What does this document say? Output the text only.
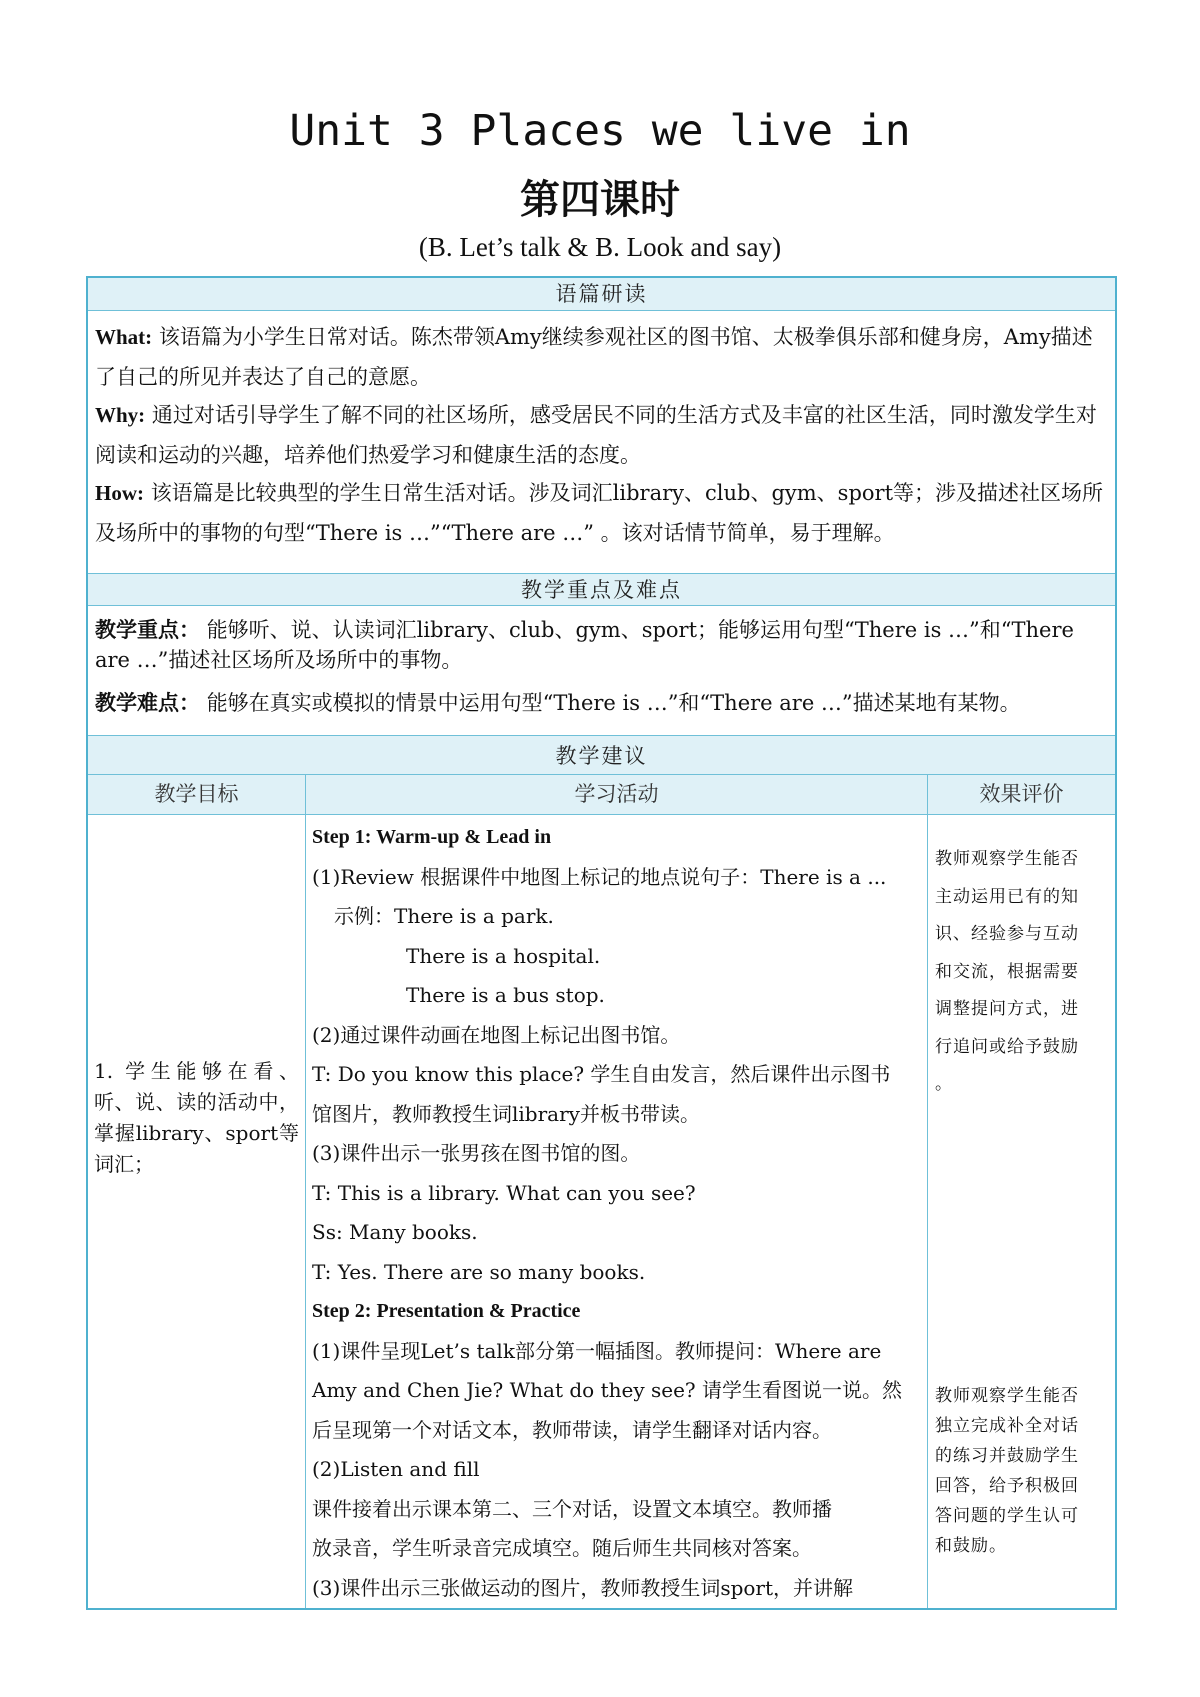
Unit 3 Places we live in
第四课时
(B. Let’s talk & B. Look and say)
语篇研读
What: 该语篇为小学生日常对话。陈杰带领Amy继续参观社区的图书馆、太极拳俱乐部和健身房，Amy描述了自己的所见并表达了自己的意愿。
Why: 通过对话引导学生了解不同的社区场所，感受居民不同的生活方式及丰富的社区生活，同时激发学生对阅读和运动的兴趣，培养他们热爱学习和健康生活的态度。
How: 该语篇是比较典型的学生日常生活对话。涉及词汇library、club、gym、sport等；涉及描述社区场所及场所中的事物的句型“There is …”“There are …” 。该对话情节简单，易于理解。
教学重点及难点
教学重点： 能够听、说、认读词汇library、club、gym、sport；能够运用句型“There is …”和“There are …”描述社区场所及场所中的事物。
教学难点： 能够在真实或模拟的情景中运用句型“There is …”和“There are …”描述某地有某物。
教学建议
教学目标	学习活动	效果评价
1. 学生能够在看、听、说、读的活动中，掌握library、sport等词汇；
Step 1: Warm-up & Lead in
(1)Review 根据课件中地图上标记的地点说句子：There is a ...
示例：There is a park.
There is a hospital.
There is a bus stop.
(2)通过课件动画在地图上标记出图书馆。
T: Do you know this place? 学生自由发言，然后课件出示图书
馆图片，教师教授生词library并板书带读。
(3)课件出示一张男孩在图书馆的图。
T: This is a library. What can you see?
Ss: Many books.
T: Yes. There are so many books.
Step 2: Presentation & Practice
(1)课件呈现Let’s talk部分第一幅插图。教师提问：Where are
Amy and Chen Jie? What do they see? 请学生看图说一说。然
后呈现第一个对话文本，教师带读，请学生翻译对话内容。
(2)Listen and fill
课件接着出示课本第二、三个对话，设置文本填空。教师播
放录音，学生听录音完成填空。随后师生共同核对答案。
(3)课件出示三张做运动的图片，教师教授生词sport，并讲解
教师观察学生能否
主动运用已有的知
识、经验参与互动
和交流，根据需要
调整提问方式，进
行追问或给予鼓励
。
教师观察学生能否
独立完成补全对话
的练习并鼓励学生
回答，给予积极回
答问题的学生认可
和鼓励。
